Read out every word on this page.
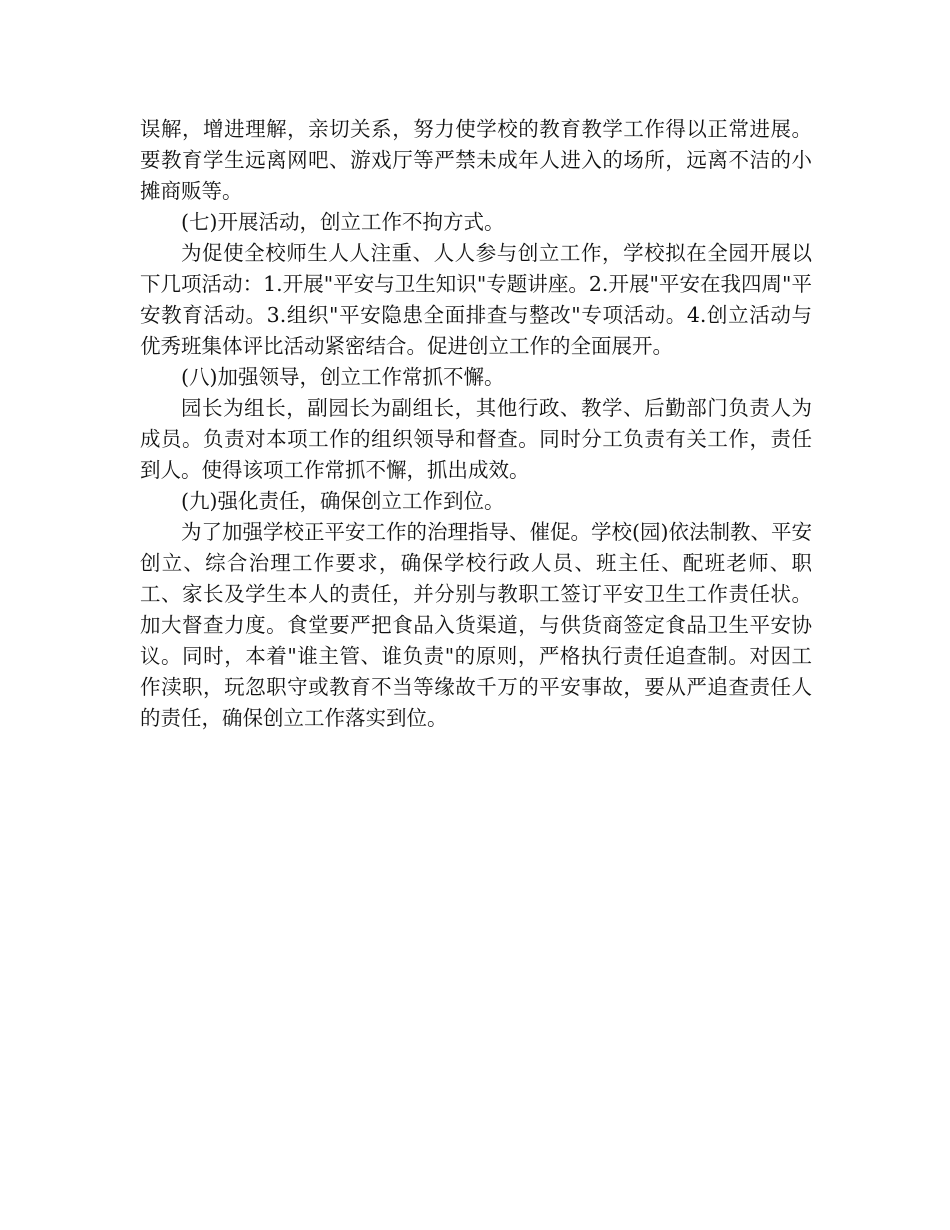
误解，增进理解，亲切关系，努力使学校的教育教学工作得以正常进展。要教育学生远离网吧、游戏厅等严禁未成年人进入的场所，远离不洁的小摊商贩等。

(七)开展活动，创立工作不拘方式。

为促使全校师生人人注重、人人参与创立工作，学校拟在全园开展以下几项活动：1.开展"平安与卫生知识"专题讲座。2.开展"平安在我四周"平安教育活动。3.组织"平安隐患全面排查与整改"专项活动。4.创立活动与优秀班集体评比活动紧密结合。促进创立工作的全面展开。

(八)加强领导，创立工作常抓不懈。

园长为组长，副园长为副组长，其他行政、教学、后勤部门负责人为成员。负责对本项工作的组织领导和督查。同时分工负责有关工作，责任到人。使得该项工作常抓不懈，抓出成效。

(九)强化责任，确保创立工作到位。

为了加强学校正平安工作的治理指导、催促。学校(园)依法制教、平安创立、综合治理工作要求，确保学校行政人员、班主任、配班老师、职工、家长及学生本人的责任，并分别与教职工签订平安卫生工作责任状。加大督查力度。食堂要严把食品入货渠道，与供货商签定食品卫生平安协议。同时，本着"谁主管、谁负责"的原则，严格执行责任追查制。对因工作渎职，玩忽职守或教育不当等缘故千万的平安事故，要从严追查责任人的责任，确保创立工作落实到位。
